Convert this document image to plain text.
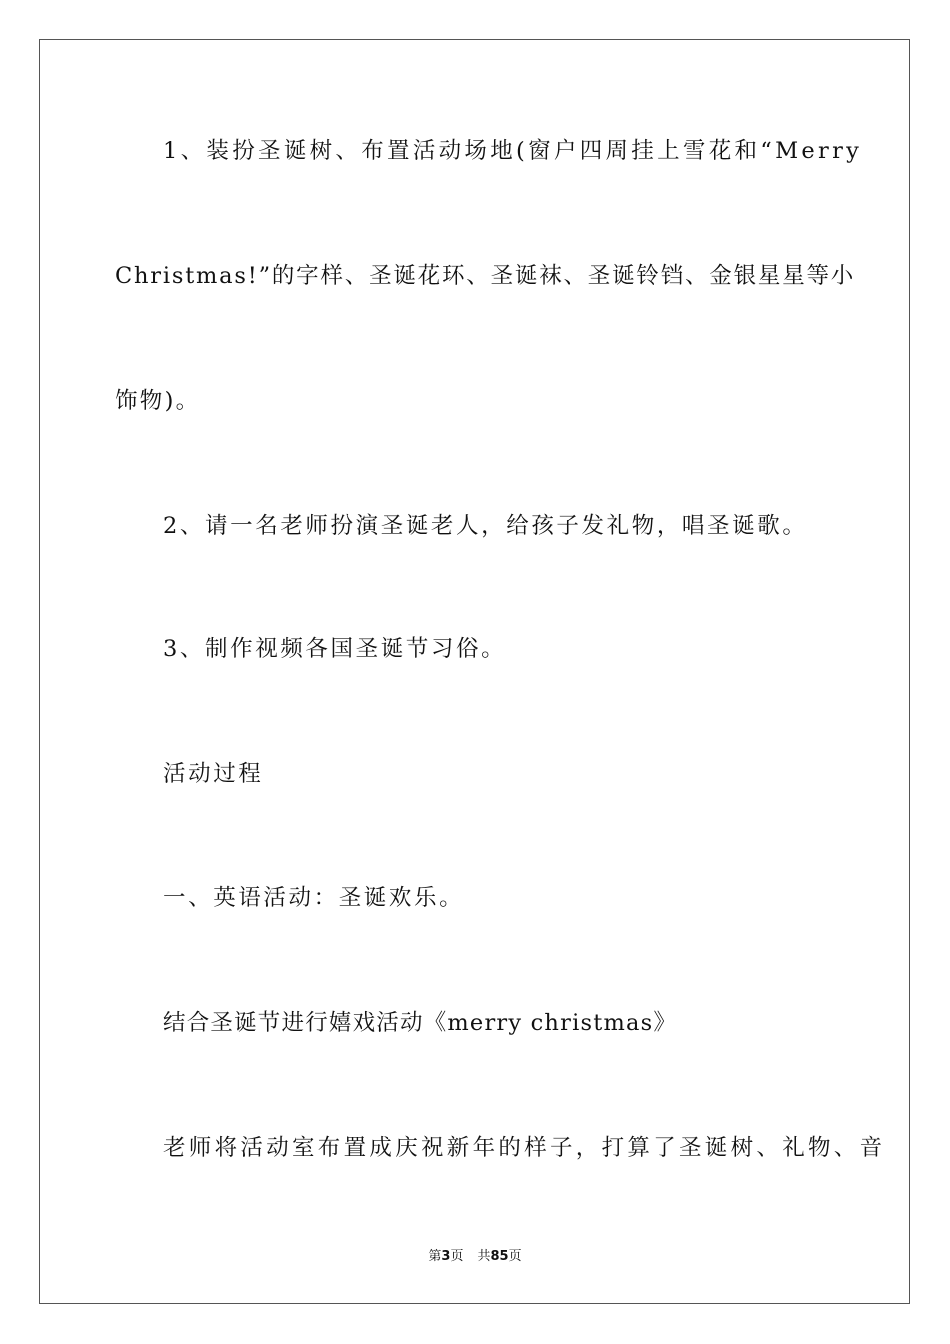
1、装扮圣诞树、布置活动场地(窗户四周挂上雪花和“Merry
Christmas!”的字样、圣诞花环、圣诞袜、圣诞铃铛、金银星星等小
饰物)。
2、请一名老师扮演圣诞老人，给孩子发礼物，唱圣诞歌。
3、制作视频各国圣诞节习俗。
活动过程
一、英语活动：圣诞欢乐。
结合圣诞节进行嬉戏活动《merry christmas》
老师将活动室布置成庆祝新年的样子，打算了圣诞树、礼物、音
第3页 共85页
